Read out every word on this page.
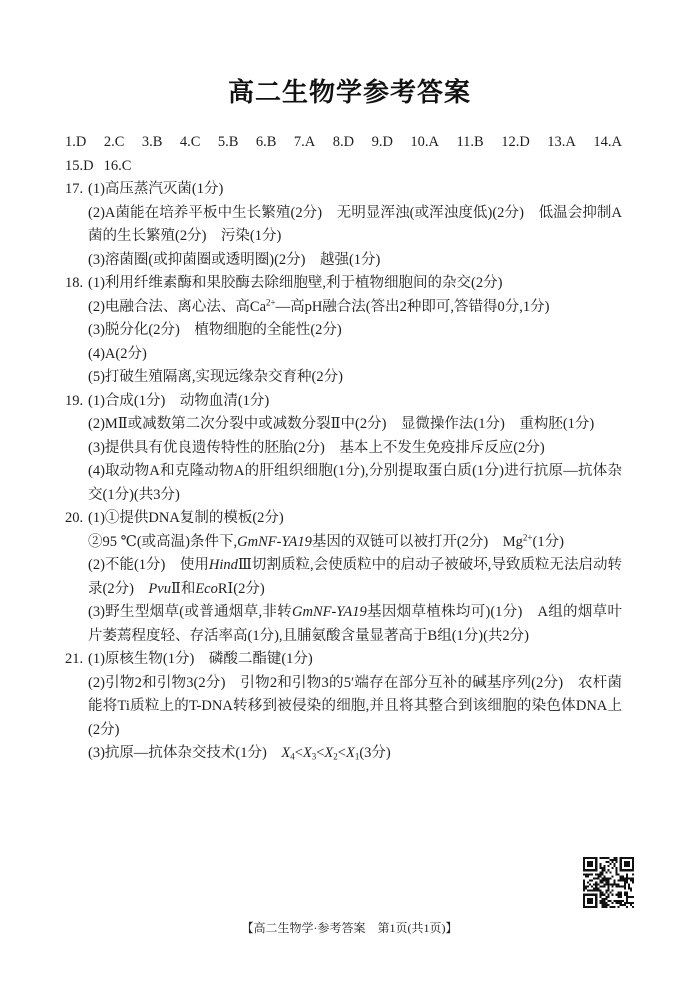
高二生物学参考答案
1.D 2.C 3.B 4.C 5.B 6.B 7.A 8.D 9.D 10.A 11.B 12.D 13.A 14.A
15.D 16.C
17. (1)高压蒸汽灭菌(1分)
(2)A菌能在培养平板中生长繁殖(2分)　无明显浑浊(或浑浊度低)(2分)　低温会抑制A菌的生长繁殖(2分)　污染(1分)
(3)溶菌圈(或抑菌圈或透明圈)(2分)　越强(1分)
18. (1)利用纤维素酶和果胶酶去除细胞壁,利于植物细胞间的杂交(2分)
(2)电融合法、离心法、高$Ca^{2+}—$高pH融合法(答出2种即可,答错得0分,1分)
(3)脱分化(2分)　植物细胞的全能性(2分)
(4)A(2分)
(5)打破生殖隔离,实现远缘杂交育种(2分)
19. (1)合成(1分)　动物血清(1分)
(2)MⅡ或减数第二次分裂中或减数分裂Ⅱ中(2分)　显微操作法(1分)　重构胚(1分)
(3)提供具有优良遗传特性的胚胎(2分)　基本上不发生免疫排斥反应(2分)
(4)取动物A和克隆动物A的肝组织细胞(1分),分别提取蛋白质(1分)进行抗原—抗体杂交(1分)(共3分)
20. (1)①提供DNA复制的模板(2分)
②95 ℃(或高温)条件下,GmNF-YA19基因的双链可以被打开(2分)　$Mg^{2+}(1$分)
(2)不能(1分)　使用HindⅢ切割质粒,会使质粒中的启动子被破坏,导致质粒无法启动转录(2分)　PvuⅡ和EcoRⅠ(2分)
(3)野生型烟草(或普通烟草,非转GmNF-YA19基因烟草植株均可)(1分)　A组的烟草叶片萎蔫程度轻、存活率高(1分),且脯氨酸含量显著高于B组(1分)(共2分)
21. (1)原核生物(1分)　磷酸二酯键(1分)
(2)引物2和引物3(2分)　引物2和引物3的5′端存在部分互补的碱基序列(2分)　农杆菌能将Ti质粒上的T-DNA转移到被侵染的细胞,并且将其整合到该细胞的染色体DNA上(2分)
(3)抗原—抗体杂交技术(1分)　$X_4<X_3<X_2<X_1(3$分)
【高二生物学·参考答案　第1页(共1页)】
